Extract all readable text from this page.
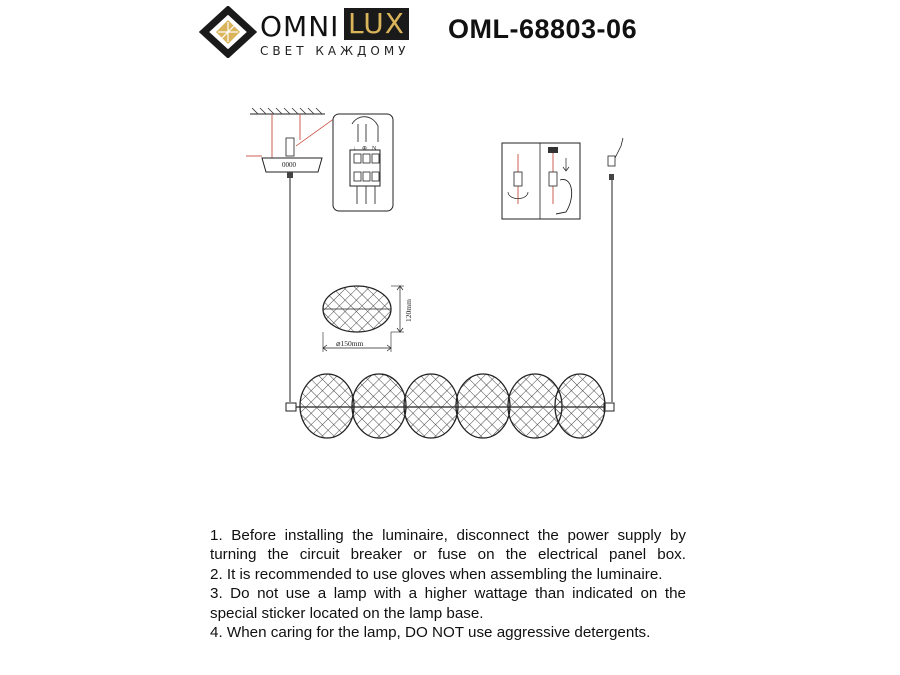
OMNI LUX
СВЕТ КАЖДОМУ
OML-68803-06
0000
↓ ⊕ N
120mm
⌀150mm

1. Before installing the luminaire, disconnect the power supply by turning the circuit breaker or fuse on the electrical panel box.

2. It is recommended to use gloves when assembling the luminaire.

3. Do not use a lamp with a higher wattage than indicated on the special sticker located on the lamp base.

4. When caring for the lamp, DO NOT use aggressive detergents.
